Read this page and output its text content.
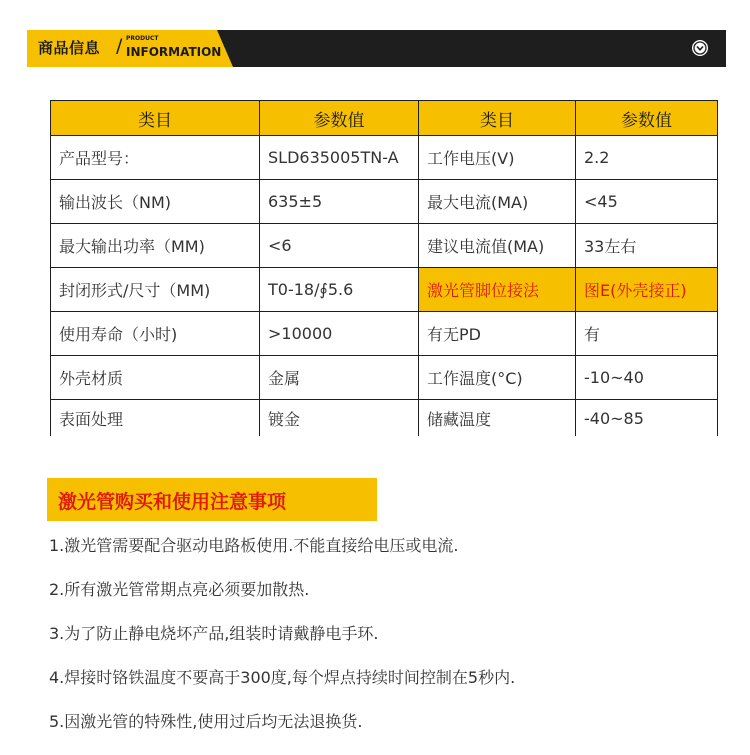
商品信息 / PRODUCT
INFORMATION
类目	参数值	类目	参数值
产品型号：	SLD635005TN-A	工作电压(V)	2.2
输出波长（NM)	635±5	最大电流(MA)	<45
最大输出功率（MM)	<6	建议电流值(MA)	33左右
封闭形式/尺寸（MM)	T0-18/∮5.6	激光管脚位接法	图E(外壳接正)
使用寿命（小时)	>10000	有无PD	有
外壳材质	金属	工作温度(°C)	-10~40
表面处理	镀金	储藏温度	-40~85
激光管购买和使用注意事项
1.激光管需要配合驱动电路板使用.不能直接给电压或电流.
2.所有激光管常期点亮必须要加散热.
3.为了防止静电烧坏产品,组装时请戴静电手环.
4.焊接时铬铁温度不要高于300度,每个焊点持续时间控制在5秒内.
5.因激光管的特殊性,使用过后均无法退换货.
